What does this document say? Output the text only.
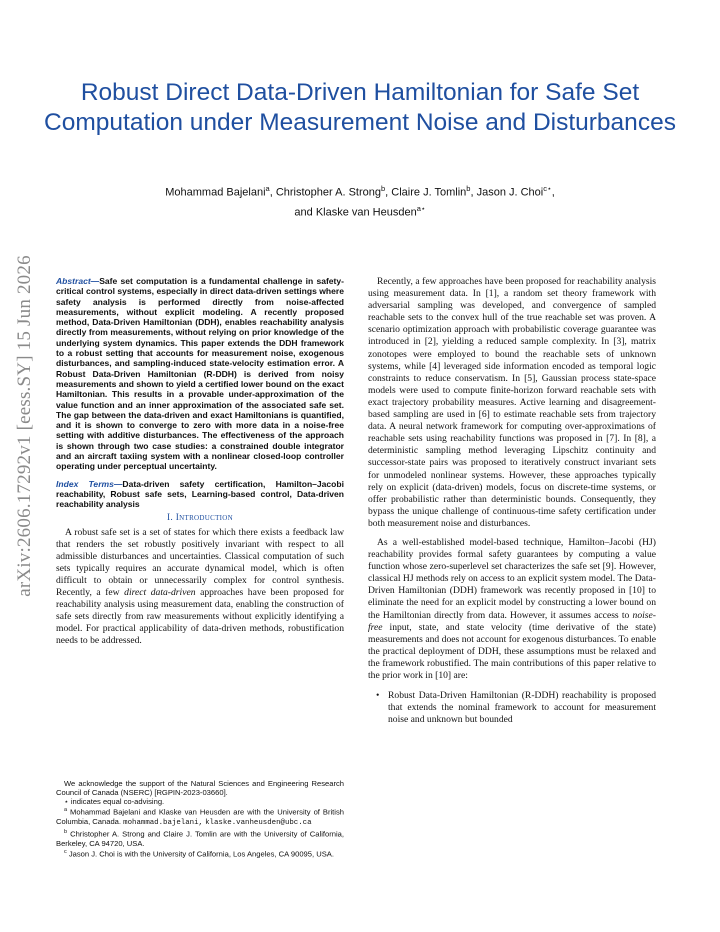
Robust Direct Data-Driven Hamiltonian for Safe Set Computation under Measurement Noise and Disturbances
Mohammad Bajelani$^a$, Christopher A. Strong$^b$, Claire J. Tomlin$^b$, Jason J. Choi$^{c⋆}$,
and Klaske van Heusden$^{a⋆}$
arXiv:2606.17292v1 [eess.SY] 15 Jun 2026 Abstract—Safe set computation is a fundamental challenge in safety-critical control systems, especially in direct data-driven settings where safety analysis is performed directly from noise-affected measurements, without explicit modeling. A recently proposed method, Data-Driven Hamiltonian (DDH), enables reachability analysis directly from measurements, without relying on prior knowledge of the underlying system dynamics. This paper extends the DDH framework to a robust setting that accounts for measurement noise, exogenous disturbances, and sampling-induced state-velocity estimation error. A Robust Data-Driven Hamiltonian (R-DDH) is derived from noisy measurements and shown to yield a certified lower bound on the exact Hamiltonian. This results in a provable under-approximation of the value function and an inner approximation of the associated safe set. The gap between the data-driven and exact Hamiltonians is quantified, and it is shown to converge to zero with more data in a noise-free setting with additive disturbances. The effectiveness of the approach is shown through two case studies: a constrained double integrator and an aircraft taxiing system with a nonlinear closed-loop controller operating under perceptual uncertainty.

Index Terms—Data-driven safety certification, Hamilton–Jacobi reachability, Robust safe sets, Learning-based control, Data-driven reachability analysis

I. Introduction

A robust safe set is a set of states for which there exists a feedback law that renders the set robustly positively invariant with respect to all admissible disturbances and uncertainties. Classical computation of such sets typically requires an accurate dynamical model, which is often difficult to obtain or unnecessarily complex for control synthesis. Recently, a few direct data-driven approaches have been proposed for reachability analysis using measurement data, enabling the construction of safe sets directly from raw measurements without explicitly identifying a model. For practical applicability of data-driven methods, robustification needs to be addressed.

We acknowledge the support of the Natural Sciences and Engineering Research Council of Canada (NSERC) [RGPIN-2023-03660].

⋆ indicates equal co-advising.

$^a$ Mohammad Bajelani and Klaske van Heusden are with the University of British Columbia, Canada. mohammad.bajelani, klaske.vanheusden@ubc.ca

$^b$ Christopher A. Strong and Claire J. Tomlin are with the University of California, Berkeley, CA 94720, USA.

$^c$ Jason J. Choi is with the University of California, Los Angeles, CA 90095, USA.

Recently, a few approaches have been proposed for reachability analysis using measurement data. In [1], a random set theory framework with adversarial sampling was developed, and convergence of sampled reachable sets to the convex hull of the true reachable set was proven. A scenario optimization approach with probabilistic coverage guarantee was introduced in [2], yielding a reduced sample complexity. In [3], matrix zonotopes were employed to bound the reachable sets of unknown systems, while [4] leveraged side information encoded as temporal logic constraints to reduce conservatism. In [5], Gaussian process state-space models were used to compute finite-horizon forward reachable sets with exact trajectory probability measures. Active learning and disagreement-based sampling are used in [6] to estimate reachable sets from trajectory data. A neural network framework for computing over-approximations of reachable sets using reachability functions was proposed in [7]. In [8], a deterministic sampling method leveraging Lipschitz continuity and successor-state pairs was proposed to iteratively construct invariant sets for unmodeled nonlinear systems. However, these approaches typically rely on explicit (data-driven) models, focus on discrete-time systems, or offer probabilistic rather than deterministic bounds. Consequently, they bypass the unique challenge of continuous-time safety certification under both measurement noise and disturbances.

As a well-established model-based technique, Hamilton–Jacobi (HJ) reachability provides formal safety guarantees by computing a value function whose zero-superlevel set characterizes the safe set [9]. However, classical HJ methods rely on access to an explicit system model. The Data-Driven Hamiltonian (DDH) framework was recently proposed in [10] to eliminate the need for an explicit model by constructing a lower bound on the Hamiltonian directly from data. However, it assumes access to noise-free input, state, and state velocity (time derivative of the state) measurements and does not account for exogenous disturbances. To enable the practical deployment of DDH, these assumptions must be relaxed and the framework robustified. The main contributions of this paper relative to the prior work in [10] are:

• Robust Data-Driven Hamiltonian (R-DDH) reachability is proposed that extends the nominal framework to account for measurement noise and unknown but bounded
